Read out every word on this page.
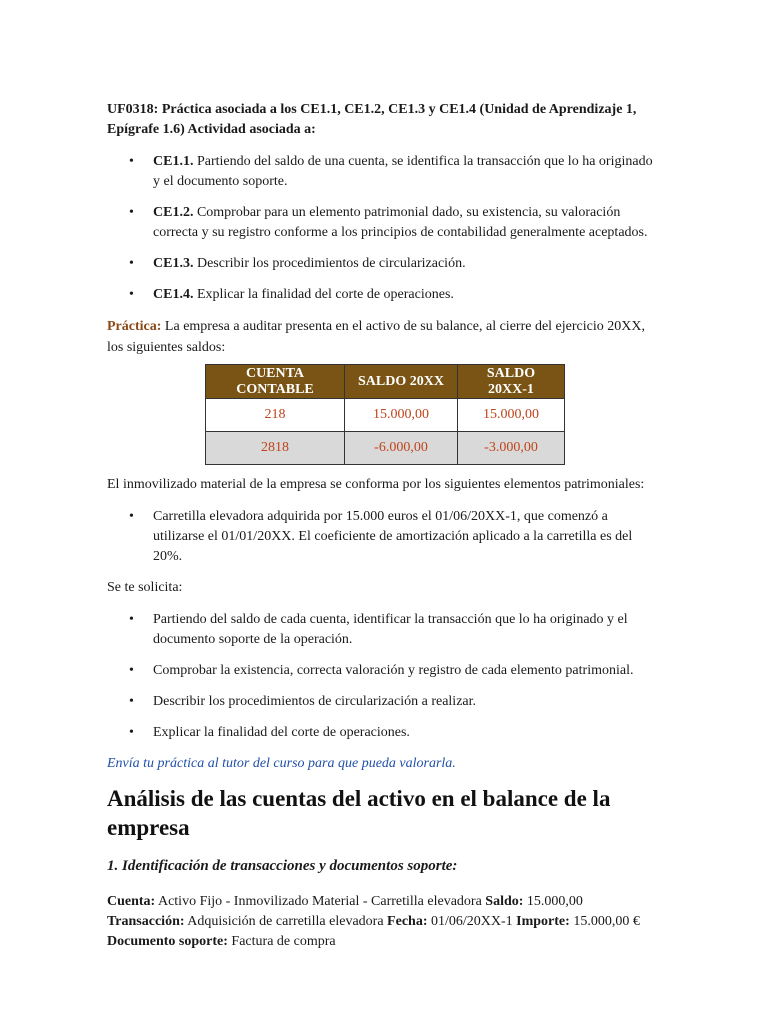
UF0318: Práctica asociada a los CE1.1, CE1.2, CE1.3 y CE1.4 (Unidad de Aprendizaje 1, Epígrafe 1.6) Actividad asociada a:

• CE1.1. Partiendo del saldo de una cuenta, se identifica la transacción que lo ha originado y el documento soporte.
• CE1.2. Comprobar para un elemento patrimonial dado, su existencia, su valoración correcta y su registro conforme a los principios de contabilidad generalmente aceptados.
• CE1.3. Describir los procedimientos de circularización.
• CE1.4. Explicar la finalidad del corte de operaciones.

Práctica: La empresa a auditar presenta en el activo de su balance, al cierre del ejercicio 20XX, los siguientes saldos:

CUENTA CONTABLE	SALDO 20XX	SALDO 20XX-1
218	15.000,00	15.000,00
2818	-6.000,00	-3.000,00

El inmovilizado material de la empresa se conforma por los siguientes elementos patrimoniales:

• Carretilla elevadora adquirida por 15.000 euros el 01/06/20XX-1, que comenzó a utilizarse el 01/01/20XX. El coeficiente de amortización aplicado a la carretilla es del 20%.

Se te solicita:

• Partiendo del saldo de cada cuenta, identificar la transacción que lo ha originado y el documento soporte de la operación.
• Comprobar la existencia, correcta valoración y registro de cada elemento patrimonial.
• Describir los procedimientos de circularización a realizar.
• Explicar la finalidad del corte de operaciones.

Envía tu práctica al tutor del curso para que pueda valorarla.

Análisis de las cuentas del activo en el balance de la empresa
1. Identificación de transacciones y documentos soporte:

Cuenta: Activo Fijo - Inmovilizado Material - Carretilla elevadora Saldo: 15.000,00
Transacción: Adquisición de carretilla elevadora Fecha: 01/06/20XX-1 Importe: 15.000,00 € Documento soporte: Factura de compra
